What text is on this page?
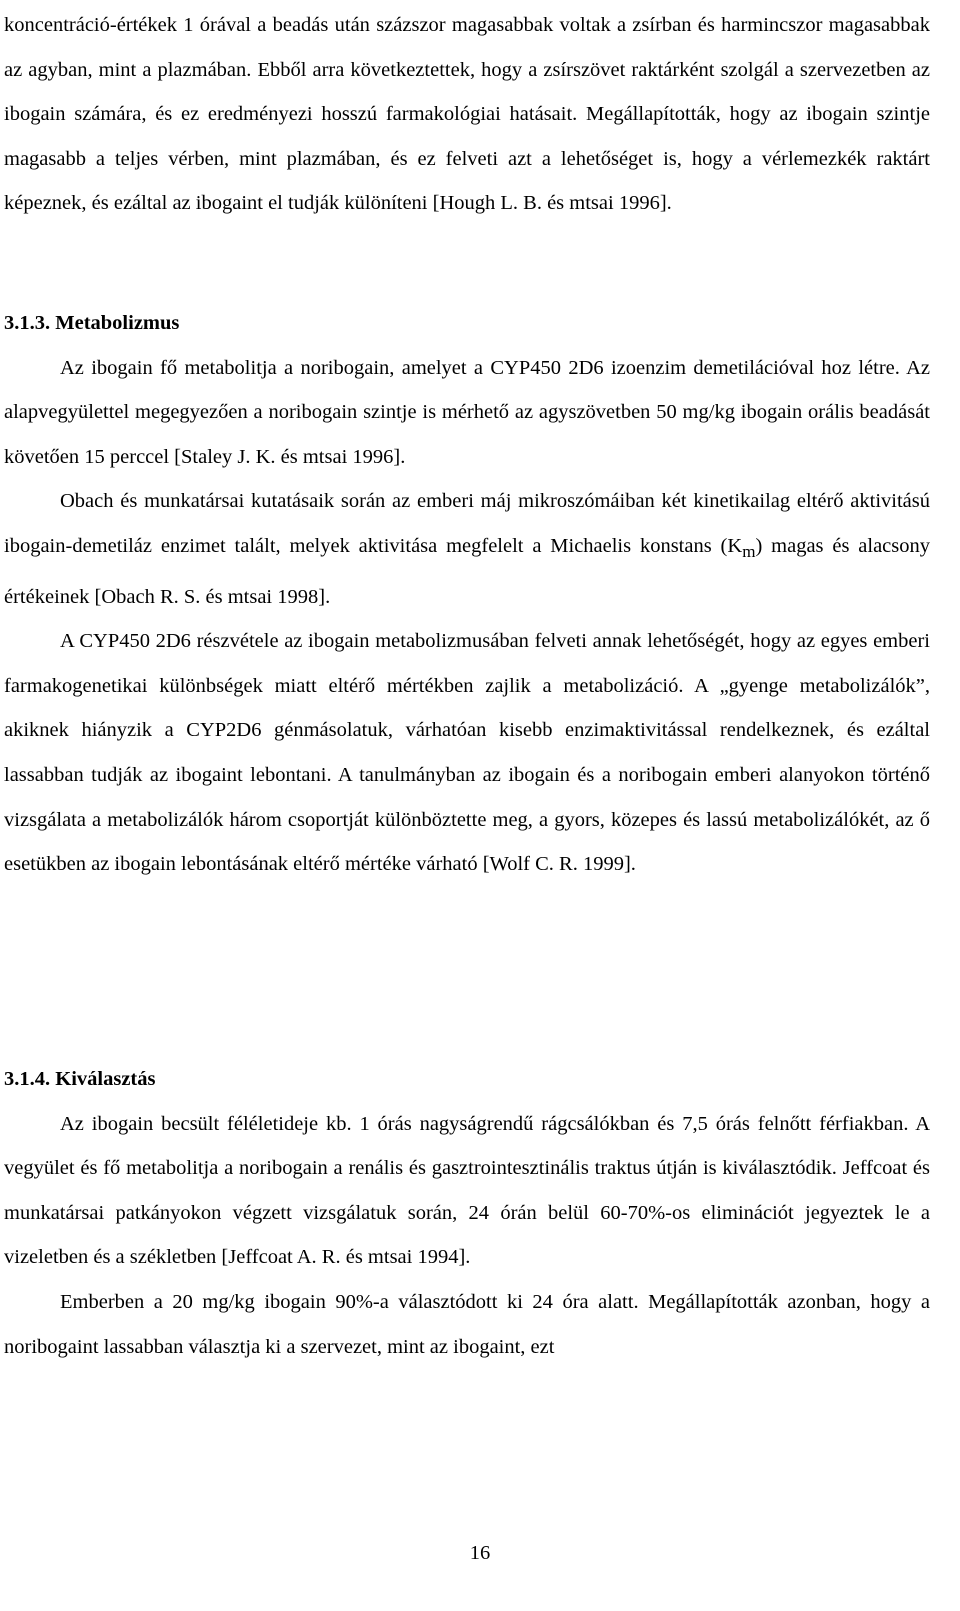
koncentráció-értékek 1 órával a beadás után százszor magasabbak voltak a zsírban és harmincszor magasabbak az agyban, mint a plazmában. Ebből arra következtettek, hogy a zsírszövet raktárként szolgál a szervezetben az ibogain számára, és ez eredményezi hosszú farmakológiai hatásait. Megállapították, hogy az ibogain szintje magasabb a teljes vérben, mint plazmában, és ez felveti azt a lehetőséget is, hogy a vérlemezkék raktárt képeznek, és ezáltal az ibogaint el tudják különíteni [Hough L. B. és mtsai 1996].

3.1.3. Metabolizmus

Az ibogain fő metabolitja a noribogain, amelyet a CYP450 2D6 izoenzim demetilációval hoz létre. Az alapvegyülettel megegyezően a noribogain szintje is mérhető az agyszövetben 50 mg/kg ibogain orális beadását követően 15 perccel [Staley J. K. és mtsai 1996].

Obach és munkatársai kutatásaik során az emberi máj mikroszómáiban két kinetikailag eltérő aktivitású ibogain-demetiláz enzimet talált, melyek aktivitása megfelelt a Michaelis konstans $(K_m)$ magas és alacsony értékeinek [Obach R. S. és mtsai 1998].

A CYP450 2D6 részvétele az ibogain metabolizmusában felveti annak lehetőségét, hogy az egyes emberi farmakogenetikai különbségek miatt eltérő mértékben zajlik a metabolizáció. A „gyenge metabolizálók”, akiknek hiányzik a CYP2D6 génmásolatuk, várhatóan kisebb enzimaktivitással rendelkeznek, és ezáltal lassabban tudják az ibogaint lebontani. A tanulmányban az ibogain és a noribogain emberi alanyokon történő vizsgálata a metabolizálók három csoportját különböztette meg, a gyors, közepes és lassú metabolizálókét, az ő esetükben az ibogain lebontásának eltérő mértéke várható [Wolf C. R. 1999].

3.1.4. Kiválasztás

Az ibogain becsült féléletideje kb. 1 órás nagyságrendű rágcsálókban és 7,5 órás felnőtt férfiakban. A vegyület és fő metabolitja a noribogain a renális és gasztrointesztinális traktus útján is kiválasztódik. Jeffcoat és munkatársai patkányokon végzett vizsgálatuk során, 24 órán belül 60-70%-os eliminációt jegyeztek le a vizeletben és a székletben [Jeffcoat A. R. és mtsai 1994].

Emberben a 20 mg/kg ibogain 90%-a választódott ki 24 óra alatt. Megállapították azonban, hogy a noribogaint lassabban választja ki a szervezet, mint az ibogaint, ezt

16
